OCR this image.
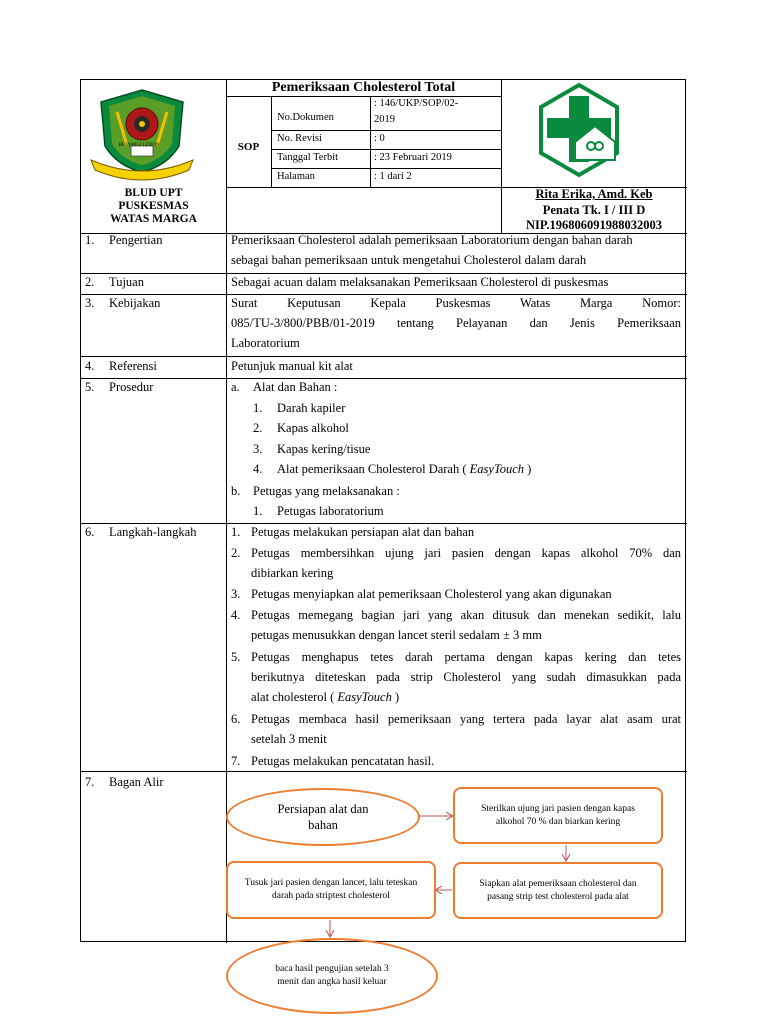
BEJAMO I LEBON
Pemeriksaan Cholesterol Total
SOP
No.Dokumen
: 146/UKP/SOP/02-
2019
No. Revisi	: 0
Tanggal Terbit	: 23 Februari 2019
Halaman	: 1 dari 2
BLUD UPT
PUSKESMAS
WATAS MARGA
Rita Erika, Amd. Keb
Penata Tk. I / III D
NIP.196806091988032003
1. Pengertian	Pemeriksaan Cholesterol adalah pemeriksaan Laboratorium dengan bahan darah
sebagai bahan pemeriksaan untuk mengetahui Cholesterol dalam darah
2. Tujuan	Sebagai acuan dalam melaksanakan Pemeriksaan Cholesterol di puskesmas
3. Kebijakan	Surat Keputusan Kepala Puskesmas Watas Marga Nomor:
085/TU-3/800/PBB/01-2019 tentang Pelayanan dan Jenis Pemeriksaan
Laboratorium
4. Referensi	Petunjuk manual kit alat
5. Prosedur	a. Alat dan Bahan :
1. Darah kapiler
2. Kapas alkohol
3. Kapas kering/tisue
4. Alat pemeriksaan Cholesterol Darah ( EasyTouch )
b. Petugas yang melaksanakan :
1. Petugas laboratorium
6. Langkah-langkah	1. Petugas melakukan persiapan alat dan bahan
2. Petugas membersihkan ujung jari pasien dengan kapas alkohol 70% dan
dibiarkan kering
3. Petugas menyiapkan alat pemeriksaan Cholesterol yang akan digunakan
4. Petugas memegang bagian jari yang akan ditusuk dan menekan sedikit, lalu
petugas menusukkan dengan lancet steril sedalam ± 3 mm
5. Petugas menghapus tetes darah pertama dengan kapas kering dan tetes
berikutnya diteteskan pada strip Cholesterol yang sudah dimasukkan pada
alat cholesterol ( EasyTouch )
6. Petugas membaca hasil pemeriksaan yang tertera pada layar alat asam urat
setelah 3 menit
7. Petugas melakukan pencatatan hasil.
7. Bagan Alir
Persiapan alat dan bahan
Sterilkan ujung jari pasien dengan kapas alkohol 70 % dan biarkan kering
Siapkan alat pemeriksaan cholesterol dan pasang strip test cholesterol pada alat
Tusuk jari pasien dengan lancet, lalu teteskan darah pada striptest cholesterol
baca hasil pengujian setelah 3 menit dan angka hasil keluar
